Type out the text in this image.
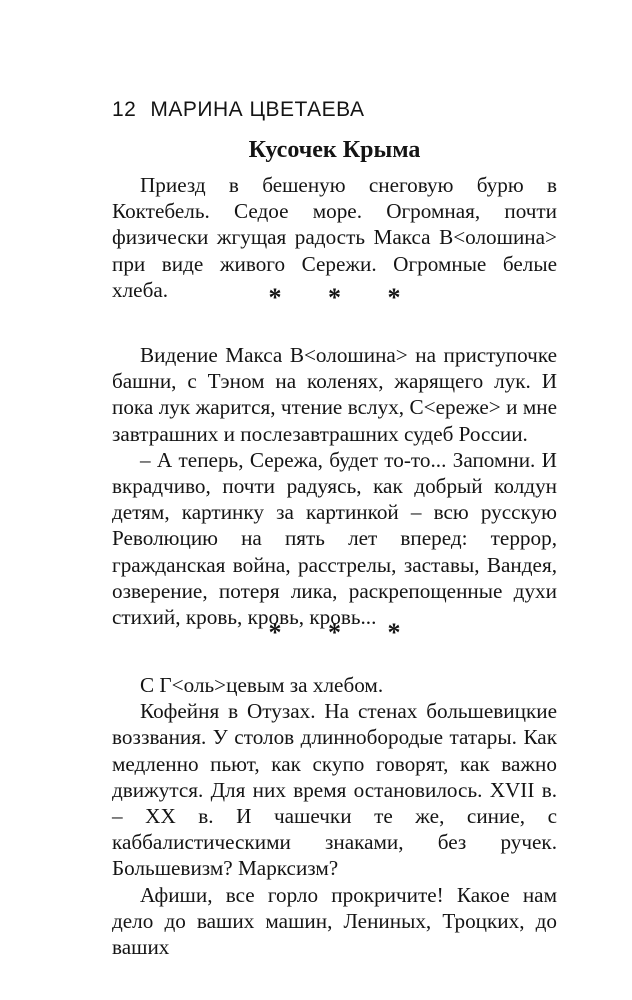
12 МАРИНА ЦВЕТАЕВА
Кусочек Крыма

Приезд в бешеную снеговую бурю в Коктебель. Седое море. Огромная, почти физически жгущая радость Макса В<олошина> при виде живого Сережи. Огромные белые хлеба.	* * *

Видение Макса В<олошина> на приступочке башни, с Тэном на коленях, жарящего лук. И пока лук жарится, чтение вслух, С<ереже> и мне завтрашних и послезавтрашних судеб России.

– А теперь, Сережа, будет то-то... Запомни. И вкрадчиво, почти радуясь, как добрый колдун детям, картинку за картинкой – всю русскую Революцию на пять лет вперед: террор, гражданская война, расстрелы, заставы, Вандея, озверение, потеря лика, раскрепощенные духи стихий, кровь, кровь, кровь...

* * *

С Г<оль>цевым за хлебом.

Кофейня в Отузах. На стенах большевицкие воззвания. У столов длиннобородые татары. Как медленно пьют, как скупо говорят, как важно движутся. Для них время остановилось. XVII в. – XX в. И чашечки те же, синие, с каббалистическими знаками, без ручек. Большевизм? Марксизм?

Афиши, все горло прокричите! Какое нам дело до ваших машин, Лениных, Троцких, до ваших
